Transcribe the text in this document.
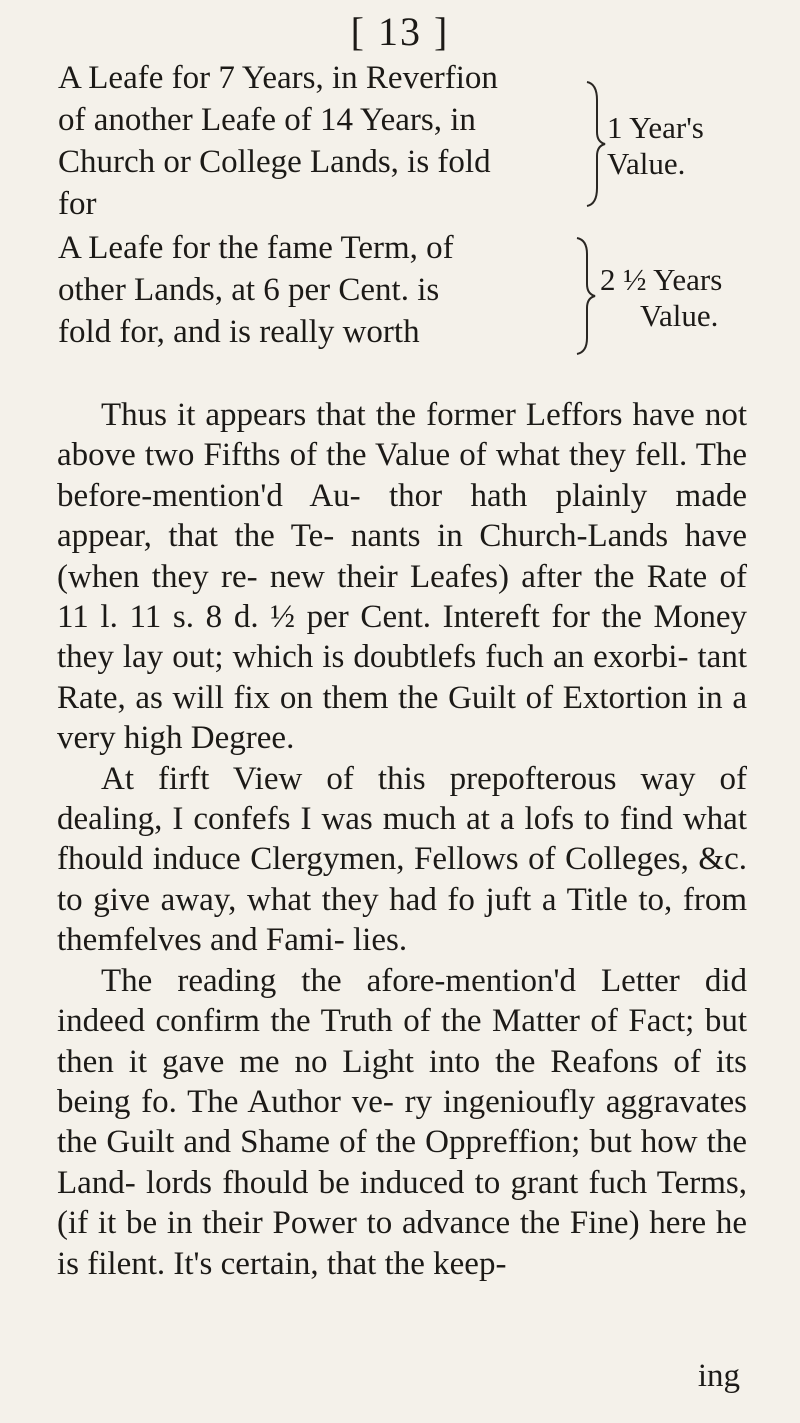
[ 13 ]
A Leafe for 7 Years, in Reverfion
of another Leafe of 14 Years, in
Church or College Lands, is fold
for
1 Year's
Value.
A Leafe for the fame Term, of
other Lands, at 6 per Cent. is
fold for, and is really worth
2 ½ Years
Value.

Thus it appears that the former Leffors have not above two Fifths of the Value of what they fell. The before-mention'd Au- thor hath plainly made appear, that the Te- nants in Church-Lands have (when they re- new their Leafes) after the Rate of 11 l. 11 s. 8 d. ½ per Cent. Intereft for the Money they lay out; which is doubtlefs fuch an exorbi- tant Rate, as will fix on them the Guilt of Extortion in a very high Degree.

At firft View of this prepofterous way of dealing, I confefs I was much at a lofs to find what fhould induce Clergymen, Fellows of Colleges, &c. to give away, what they had fo juft a Title to, from themfelves and Fami- lies.

The reading the afore-mention'd Letter did indeed confirm the Truth of the Matter of Fact; but then it gave me no Light into the Reafons of its being fo. The Author ve- ry ingenioufly aggravates the Guilt and Shame of the Oppreffion; but how the Land- lords fhould be induced to grant fuch Terms, (if it be in their Power to advance the Fine) here he is filent. It's certain, that the keep-

ing
